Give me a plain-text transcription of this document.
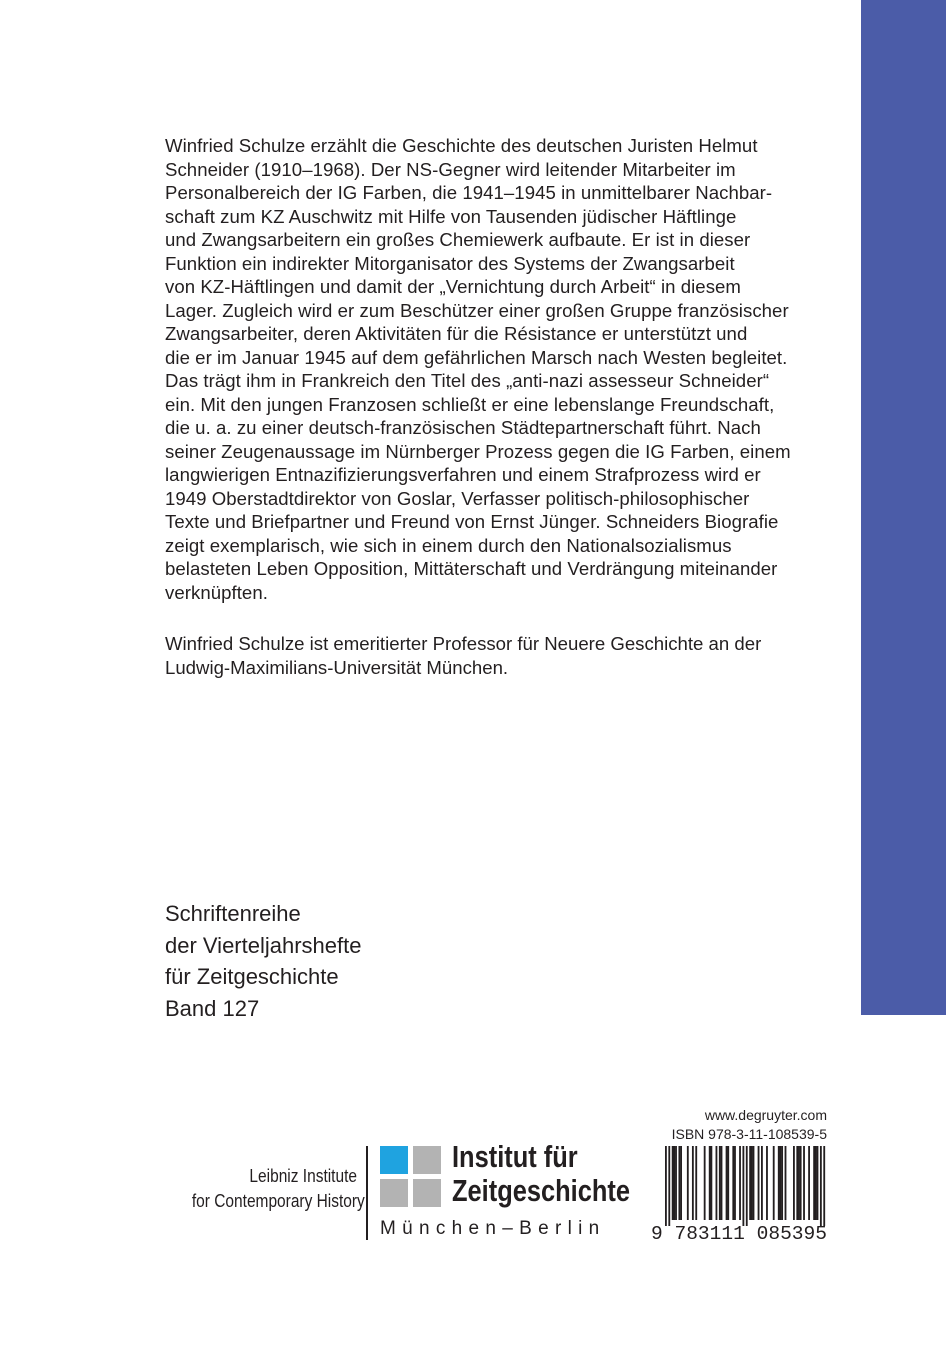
Winfried Schulze erzählt die Geschichte des deutschen Juristen Helmut
Schneider (1910–1968). Der NS-Gegner wird leitender Mitarbeiter im
Personalbereich der IG Farben, die 1941–1945 in unmittelbarer Nachbar-
schaft zum KZ Auschwitz mit Hilfe von Tausenden jüdischer Häftlinge
und Zwangsarbeitern ein großes Chemiewerk aufbaute. Er ist in dieser
Funktion ein indirekter Mitorganisator des Systems der Zwangsarbeit
von KZ-Häftlingen und damit der „Vernichtung durch Arbeit“ in diesem
Lager. Zugleich wird er zum Beschützer einer großen Gruppe französischer
Zwangsarbeiter, deren Aktivitäten für die Résistance er unterstützt und
die er im Januar 1945 auf dem gefährlichen Marsch nach Westen begleitet.
Das trägt ihm in Frankreich den Titel des „anti-nazi assesseur Schneider“
ein. Mit den jungen Franzosen schließt er eine lebenslange Freundschaft,
die u. a. zu einer deutsch-französischen Städtepartnerschaft führt. Nach
seiner Zeugenaussage im Nürnberger Prozess gegen die IG Farben, einem
langwierigen Entnazifizierungsverfahren und einem Strafprozess wird er
1949 Oberstadtdirektor von Goslar, Verfasser politisch-philosophischer
Texte und Briefpartner und Freund von Ernst Jünger. Schneiders Biografie
zeigt exemplarisch, wie sich in einem durch den Nationalsozialismus
belasteten Leben Opposition, Mittäterschaft und Verdrängung miteinander
verknüpften.
Winfried Schulze ist emeritierter Professor für Neuere Geschichte an der
Ludwig-Maximilians-Universität München.
Schriftenreihe
der Vierteljahrshefte
für Zeitgeschichte
Band 127
Leibniz Institute
for Contemporary History
Institut für
Zeitgeschichte
München–Berlin
www.degruyter.com
ISBN 978-3-11-108539-5
9 783111 085395
